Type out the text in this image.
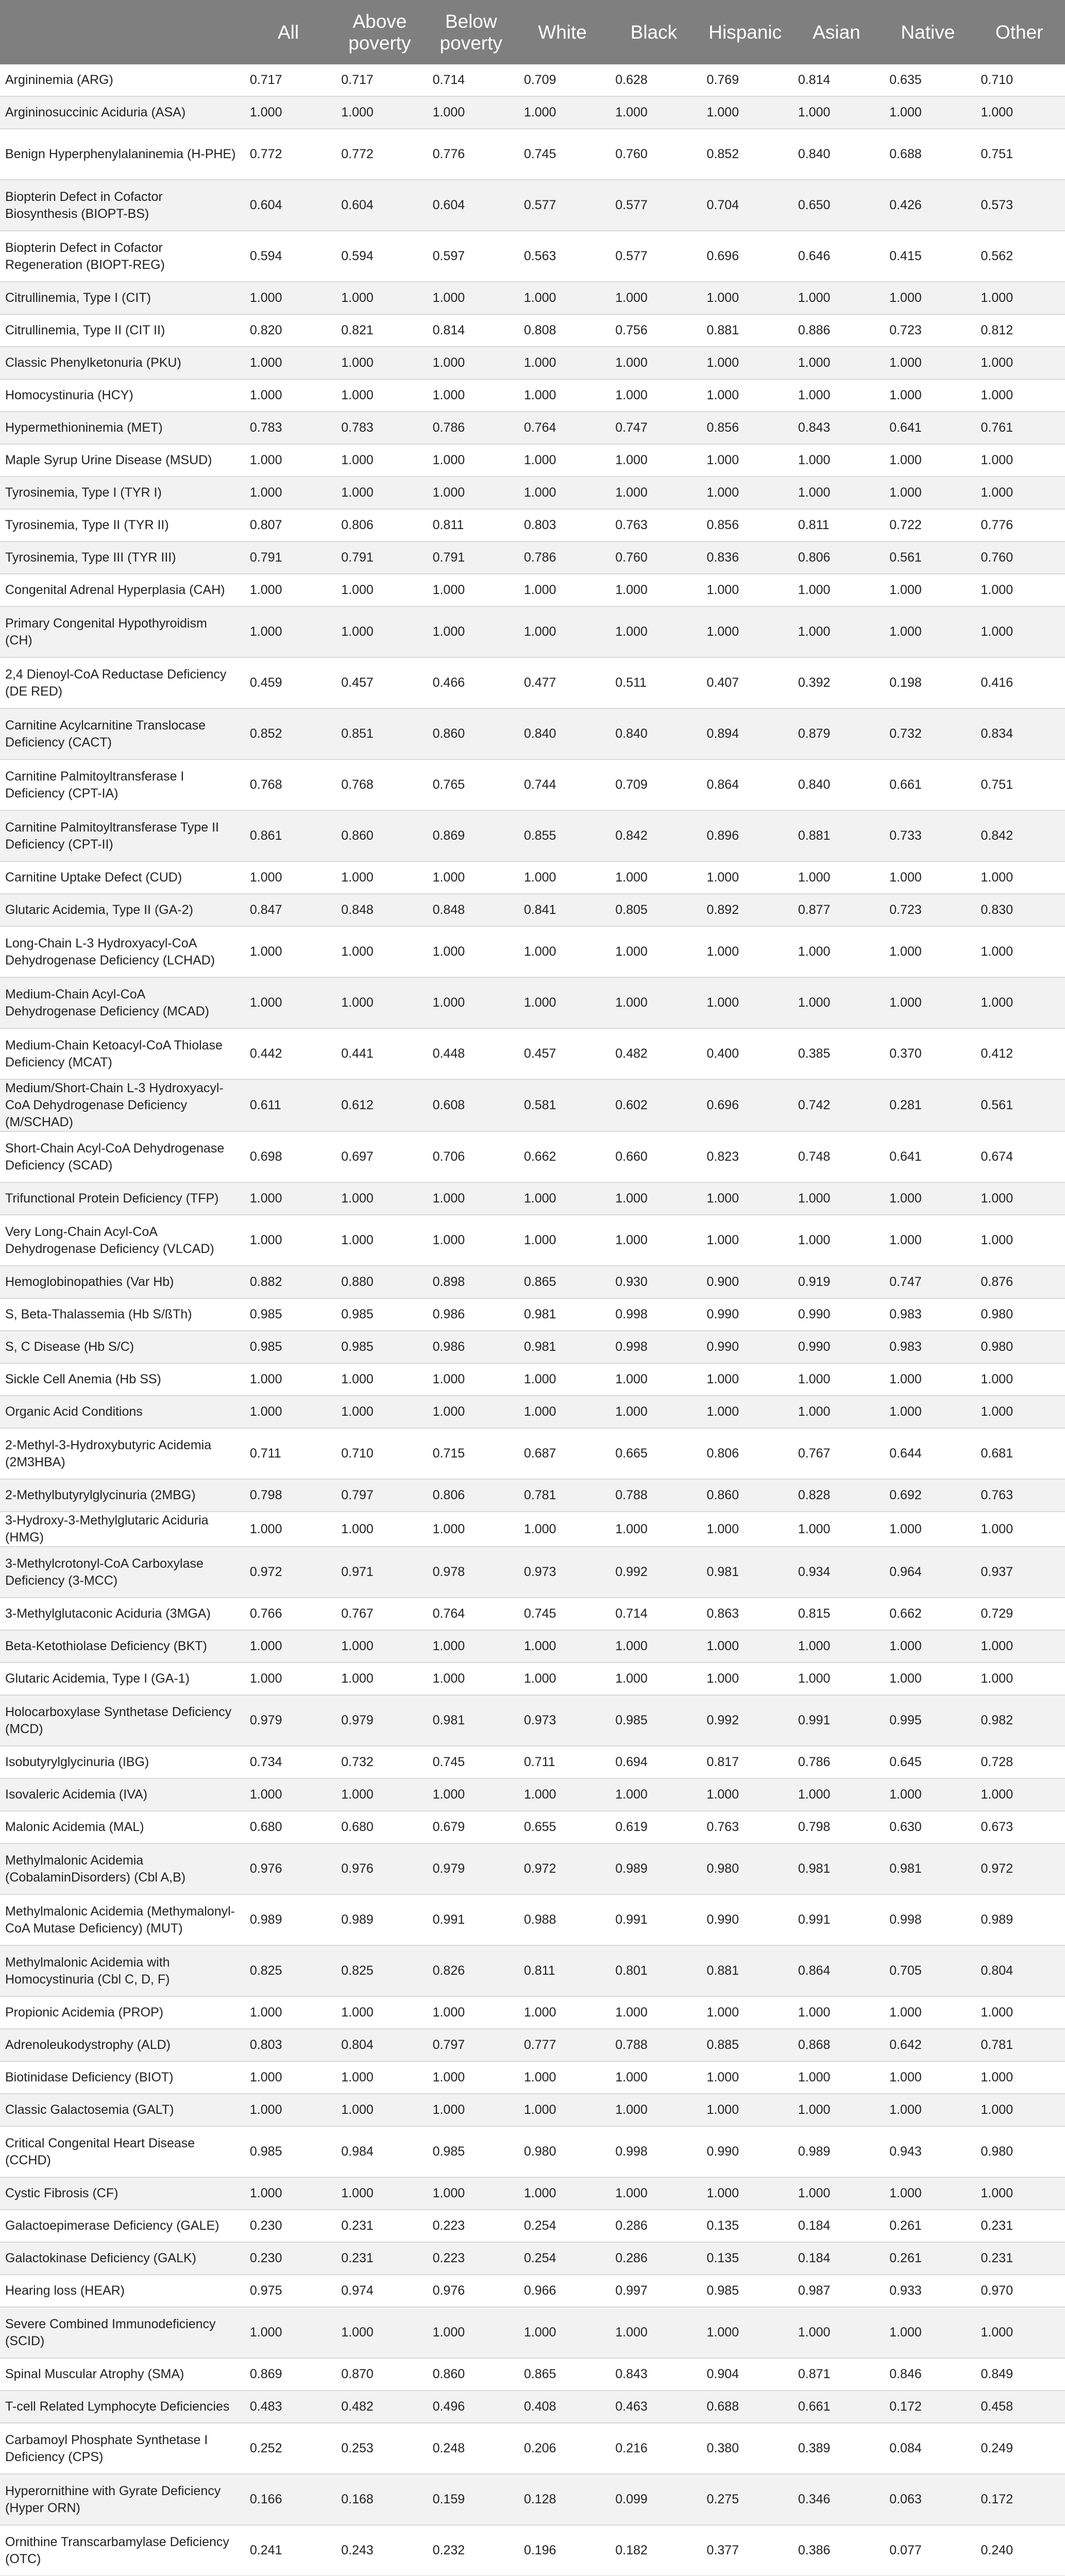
	All	Above poverty	Below poverty	White	Black	Hispanic	Asian	Native	Other
Argininemia (ARG)	0.717	0.717	0.714	0.709	0.628	0.769	0.814	0.635	0.710
Argininosuccinic Aciduria (ASA)	1.000	1.000	1.000	1.000	1.000	1.000	1.000	1.000	1.000
Benign Hyperphenylalaninemia (H-PHE)	0.772	0.772	0.776	0.745	0.760	0.852	0.840	0.688	0.751
Biopterin Defect in Cofactor Biosynthesis (BIOPT-BS)	0.604	0.604	0.604	0.577	0.577	0.704	0.650	0.426	0.573
Biopterin Defect in Cofactor Regeneration (BIOPT-REG)	0.594	0.594	0.597	0.563	0.577	0.696	0.646	0.415	0.562
Citrullinemia, Type I (CIT)	1.000	1.000	1.000	1.000	1.000	1.000	1.000	1.000	1.000
Citrullinemia, Type II (CIT II)	0.820	0.821	0.814	0.808	0.756	0.881	0.886	0.723	0.812
Classic Phenylketonuria (PKU)	1.000	1.000	1.000	1.000	1.000	1.000	1.000	1.000	1.000
Homocystinuria (HCY)	1.000	1.000	1.000	1.000	1.000	1.000	1.000	1.000	1.000
Hypermethioninemia (MET)	0.783	0.783	0.786	0.764	0.747	0.856	0.843	0.641	0.761
Maple Syrup Urine Disease (MSUD)	1.000	1.000	1.000	1.000	1.000	1.000	1.000	1.000	1.000
Tyrosinemia, Type I (TYR I)	1.000	1.000	1.000	1.000	1.000	1.000	1.000	1.000	1.000
Tyrosinemia, Type II (TYR II)	0.807	0.806	0.811	0.803	0.763	0.856	0.811	0.722	0.776
Tyrosinemia, Type III (TYR III)	0.791	0.791	0.791	0.786	0.760	0.836	0.806	0.561	0.760
Congenital Adrenal Hyperplasia (CAH)	1.000	1.000	1.000	1.000	1.000	1.000	1.000	1.000	1.000
Primary Congenital Hypothyroidism (CH)	1.000	1.000	1.000	1.000	1.000	1.000	1.000	1.000	1.000
2,4 Dienoyl-CoA Reductase Deficiency (DE RED)	0.459	0.457	0.466	0.477	0.511	0.407	0.392	0.198	0.416
Carnitine Acylcarnitine Translocase Deficiency (CACT)	0.852	0.851	0.860	0.840	0.840	0.894	0.879	0.732	0.834
Carnitine Palmitoyltransferase I Deficiency (CPT-IA)	0.768	0.768	0.765	0.744	0.709	0.864	0.840	0.661	0.751
Carnitine Palmitoyltransferase Type II Deficiency (CPT-II)	0.861	0.860	0.869	0.855	0.842	0.896	0.881	0.733	0.842
Carnitine Uptake Defect (CUD)	1.000	1.000	1.000	1.000	1.000	1.000	1.000	1.000	1.000
Glutaric Acidemia, Type II (GA-2)	0.847	0.848	0.848	0.841	0.805	0.892	0.877	0.723	0.830
Long-Chain L-3 Hydroxyacyl-CoA Dehydrogenase Deficiency (LCHAD)	1.000	1.000	1.000	1.000	1.000	1.000	1.000	1.000	1.000
Medium-Chain Acyl-CoA Dehydrogenase Deficiency (MCAD)	1.000	1.000	1.000	1.000	1.000	1.000	1.000	1.000	1.000
Medium-Chain Ketoacyl-CoA Thiolase Deficiency (MCAT)	0.442	0.441	0.448	0.457	0.482	0.400	0.385	0.370	0.412
Medium/Short-Chain L-3 Hydroxyacyl-CoA Dehydrogenase Deficiency (M/SCHAD)	0.611	0.612	0.608	0.581	0.602	0.696	0.742	0.281	0.561
Short-Chain Acyl-CoA Dehydrogenase Deficiency (SCAD)	0.698	0.697	0.706	0.662	0.660	0.823	0.748	0.641	0.674
Trifunctional Protein Deficiency (TFP)	1.000	1.000	1.000	1.000	1.000	1.000	1.000	1.000	1.000
Very Long-Chain Acyl-CoA Dehydrogenase Deficiency (VLCAD)	1.000	1.000	1.000	1.000	1.000	1.000	1.000	1.000	1.000
Hemoglobinopathies (Var Hb)	0.882	0.880	0.898	0.865	0.930	0.900	0.919	0.747	0.876
S, Beta-Thalassemia (Hb S/ßTh)	0.985	0.985	0.986	0.981	0.998	0.990	0.990	0.983	0.980
S, C Disease (Hb S/C)	0.985	0.985	0.986	0.981	0.998	0.990	0.990	0.983	0.980
Sickle Cell Anemia (Hb SS)	1.000	1.000	1.000	1.000	1.000	1.000	1.000	1.000	1.000
Organic Acid Conditions	1.000	1.000	1.000	1.000	1.000	1.000	1.000	1.000	1.000
2-Methyl-3-Hydroxybutyric Acidemia (2M3HBA)	0.711	0.710	0.715	0.687	0.665	0.806	0.767	0.644	0.681
2-Methylbutyrylglycinuria (2MBG)	0.798	0.797	0.806	0.781	0.788	0.860	0.828	0.692	0.763
3-Hydroxy-3-Methylglutaric Aciduria (HMG)	1.000	1.000	1.000	1.000	1.000	1.000	1.000	1.000	1.000
3-Methylcrotonyl-CoA Carboxylase Deficiency (3-MCC)	0.972	0.971	0.978	0.973	0.992	0.981	0.934	0.964	0.937
3-Methylglutaconic Aciduria (3MGA)	0.766	0.767	0.764	0.745	0.714	0.863	0.815	0.662	0.729
Beta-Ketothiolase Deficiency (BKT)	1.000	1.000	1.000	1.000	1.000	1.000	1.000	1.000	1.000
Glutaric Acidemia, Type I (GA-1)	1.000	1.000	1.000	1.000	1.000	1.000	1.000	1.000	1.000
Holocarboxylase Synthetase Deficiency (MCD)	0.979	0.979	0.981	0.973	0.985	0.992	0.991	0.995	0.982
Isobutyrylglycinuria (IBG)	0.734	0.732	0.745	0.711	0.694	0.817	0.786	0.645	0.728
Isovaleric Acidemia (IVA)	1.000	1.000	1.000	1.000	1.000	1.000	1.000	1.000	1.000
Malonic Acidemia (MAL)	0.680	0.680	0.679	0.655	0.619	0.763	0.798	0.630	0.673
Methylmalonic Acidemia (CobalaminDisorders) (Cbl A,B)	0.976	0.976	0.979	0.972	0.989	0.980	0.981	0.981	0.972
Methylmalonic Acidemia (Methymalonyl-CoA Mutase Deficiency) (MUT)	0.989	0.989	0.991	0.988	0.991	0.990	0.991	0.998	0.989
Methylmalonic Acidemia with Homocystinuria (Cbl C, D, F)	0.825	0.825	0.826	0.811	0.801	0.881	0.864	0.705	0.804
Propionic Acidemia (PROP)	1.000	1.000	1.000	1.000	1.000	1.000	1.000	1.000	1.000
Adrenoleukodystrophy (ALD)	0.803	0.804	0.797	0.777	0.788	0.885	0.868	0.642	0.781
Biotinidase Deficiency (BIOT)	1.000	1.000	1.000	1.000	1.000	1.000	1.000	1.000	1.000
Classic Galactosemia (GALT)	1.000	1.000	1.000	1.000	1.000	1.000	1.000	1.000	1.000
Critical Congenital Heart Disease (CCHD)	0.985	0.984	0.985	0.980	0.998	0.990	0.989	0.943	0.980
Cystic Fibrosis (CF)	1.000	1.000	1.000	1.000	1.000	1.000	1.000	1.000	1.000
Galactoepimerase Deficiency (GALE)	0.230	0.231	0.223	0.254	0.286	0.135	0.184	0.261	0.231
Galactokinase Deficiency (GALK)	0.230	0.231	0.223	0.254	0.286	0.135	0.184	0.261	0.231
Hearing loss (HEAR)	0.975	0.974	0.976	0.966	0.997	0.985	0.987	0.933	0.970
Severe Combined Immunodeficiency (SCID)	1.000	1.000	1.000	1.000	1.000	1.000	1.000	1.000	1.000
Spinal Muscular Atrophy (SMA)	0.869	0.870	0.860	0.865	0.843	0.904	0.871	0.846	0.849
T-cell Related Lymphocyte Deficiencies	0.483	0.482	0.496	0.408	0.463	0.688	0.661	0.172	0.458
Carbamoyl Phosphate Synthetase I Deficiency (CPS)	0.252	0.253	0.248	0.206	0.216	0.380	0.389	0.084	0.249
Hyperornithine with Gyrate Deficiency (Hyper ORN)	0.166	0.168	0.159	0.128	0.099	0.275	0.346	0.063	0.172
Ornithine Transcarbamylase Deficiency (OTC)	0.241	0.243	0.232	0.196	0.182	0.377	0.386	0.077	0.240
